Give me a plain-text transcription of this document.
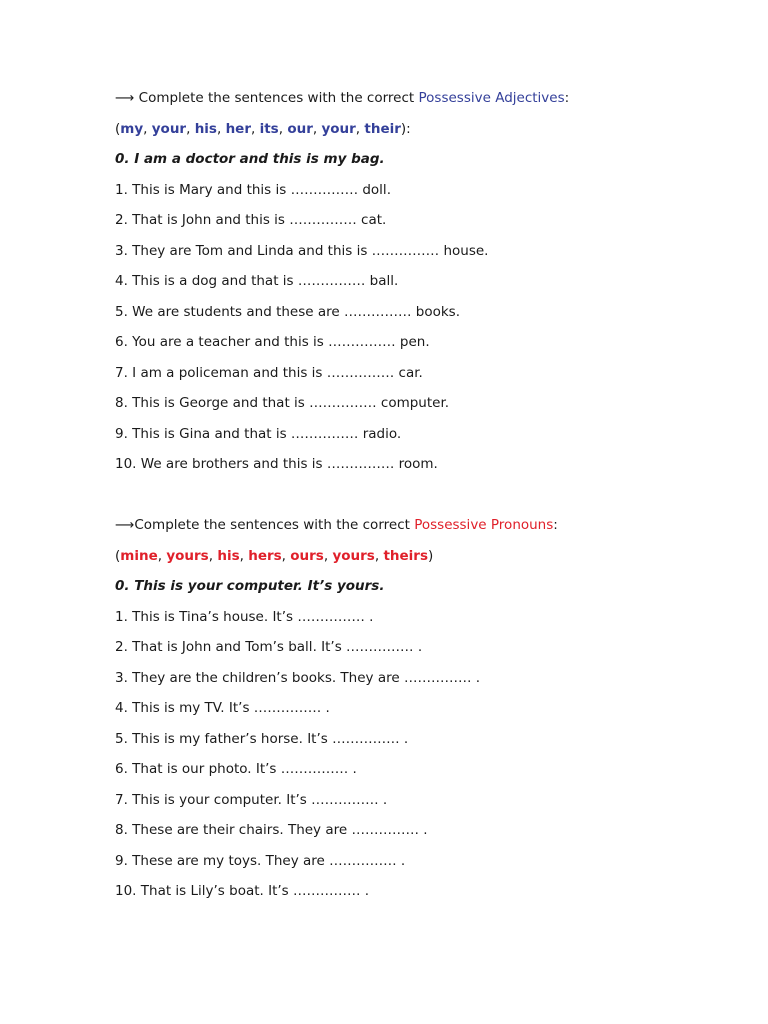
⟶ Complete the sentences with the correct Possessive Adjectives:
(my, your, his, her, its, our, your, their):
0. I am a doctor and this is my bag.
1. This is Mary and this is …………… doll.
2. That is John and this is …………… cat.
3. They are Tom and Linda and this is …………… house.
4. This is a dog and that is …………… ball.
5. We are students and these are …………… books.
6. You are a teacher and this is …………… pen.
7. I am a policeman and this is …………… car.
8. This is George and that is …………… computer.
9. This is Gina and that is …………… radio.
10. We are brothers and this is …………… room.
⟶Complete the sentences with the correct Possessive Pronouns:
(mine, yours, his, hers, ours, yours, theirs)
0. This is your computer. It’s yours.
1. This is Tina’s house. It’s …………… .
2. That is John and Tom’s ball. It’s …………… .
3. They are the children’s books. They are …………… .
4. This is my TV. It’s …………… .
5. This is my father’s horse. It’s …………… .
6. That is our photo. It’s …………… .
7. This is your computer. It’s …………… .
8. These are their chairs. They are …………… .
9. These are my toys. They are …………… .
10. That is Lily’s boat. It’s …………… .
